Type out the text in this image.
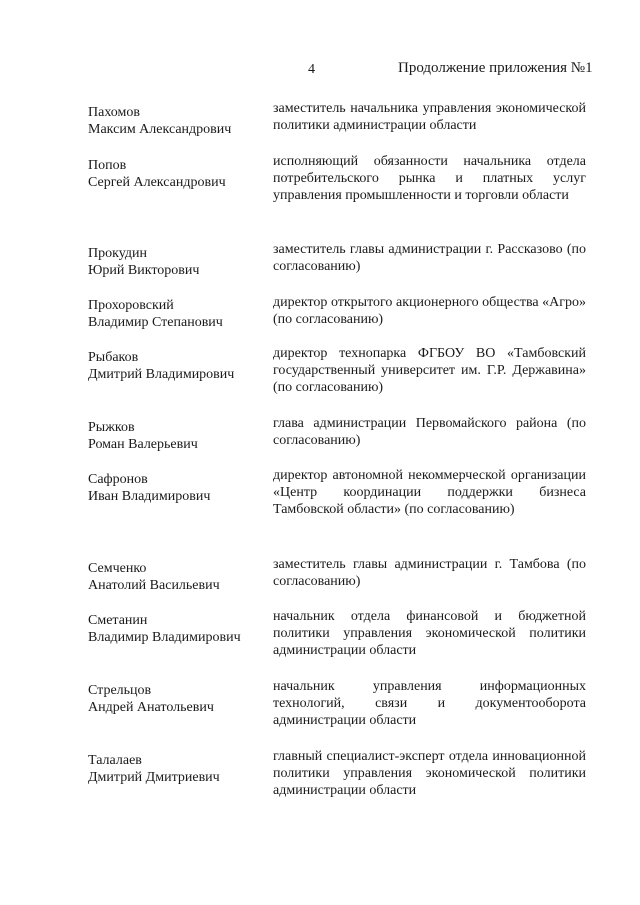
4	Продолжение приложения №1
Пахомов
Максим Александрович
заместитель начальника управления экономической политики администрации области
Попов
Сергей Александрович
исполняющий обязанности начальника отдела потребительского рынка и платных услуг управления промышленности и торговли области
Прокудин
Юрий Викторович
заместитель главы администрации г. Рассказово (по согласованию)
Прохоровский
Владимир Степанович
директор открытого акционерного общества «Агро» (по согласованию)
Рыбаков
Дмитрий Владимирович
директор технопарка ФГБОУ ВО «Тамбовский государственный университет им. Г.Р. Державина» (по согласованию)
Рыжков
Роман Валерьевич
глава администрации Первомайского района (по согласованию)
Сафронов
Иван Владимирович
директор автономной некоммерческой организации «Центр координации поддержки бизнеса Тамбовской области» (по согласованию)
Семченко
Анатолий Васильевич
заместитель главы администрации г. Тамбова (по согласованию)
Сметанин
Владимир Владимирович
начальник отдела финансовой и бюджетной политики управления экономической политики администрации области
Стрельцов
Андрей Анатольевич
начальник управления информационных технологий, связи и документооборота администрации области
Талалаев
Дмитрий Дмитриевич
главный специалист-эксперт отдела инновационной политики управления экономической политики администрации области
